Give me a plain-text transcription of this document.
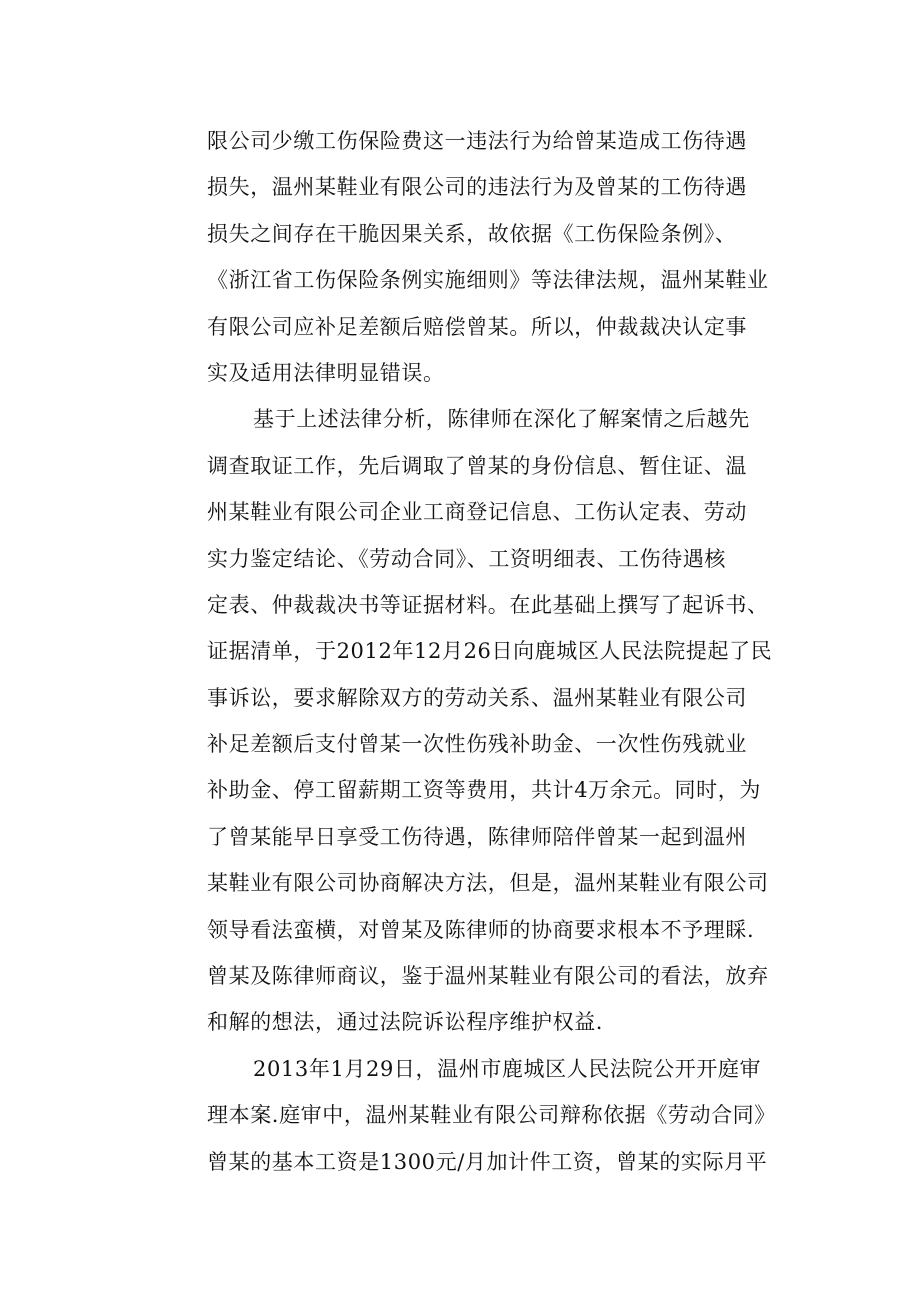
限公司少缴工伤保险费这一违法行为给曾某造成工伤待遇
损失，温州某鞋业有限公司的违法行为及曾某的工伤待遇
损失之间存在干脆因果关系，故依据《工伤保险条例》、
《浙江省工伤保险条例实施细则》等法律法规，温州某鞋业
有限公司应补足差额后赔偿曾某。所以，仲裁裁决认定事
实及适用法律明显错误。
基于上述法律分析，陈律师在深化了解案情之后越先
调查取证工作，先后调取了曾某的身份信息、暂住证、温
州某鞋业有限公司企业工商登记信息、工伤认定表、劳动
实力鉴定结论、《劳动合同》、工资明细表、工伤待遇核
定表、仲裁裁决书等证据材料。在此基础上撰写了起诉书、
证据清单，于2012年12月26日向鹿城区人民法院提起了民
事诉讼，要求解除双方的劳动关系、温州某鞋业有限公司
补足差额后支付曾某一次性伤残补助金、一次性伤残就业
补助金、停工留薪期工资等费用，共计4万余元。同时，为
了曾某能早日享受工伤待遇，陈律师陪伴曾某一起到温州
某鞋业有限公司协商解决方法，但是，温州某鞋业有限公司
领导看法蛮横，对曾某及陈律师的协商要求根本不予理睬.
曾某及陈律师商议，鉴于温州某鞋业有限公司的看法，放弃
和解的想法，通过法院诉讼程序维护权益.
2013年1月29日，温州市鹿城区人民法院公开开庭审
理本案.庭审中，温州某鞋业有限公司辩称依据《劳动合同》
曾某的基本工资是1300元/月加计件工资，曾某的实际月平
